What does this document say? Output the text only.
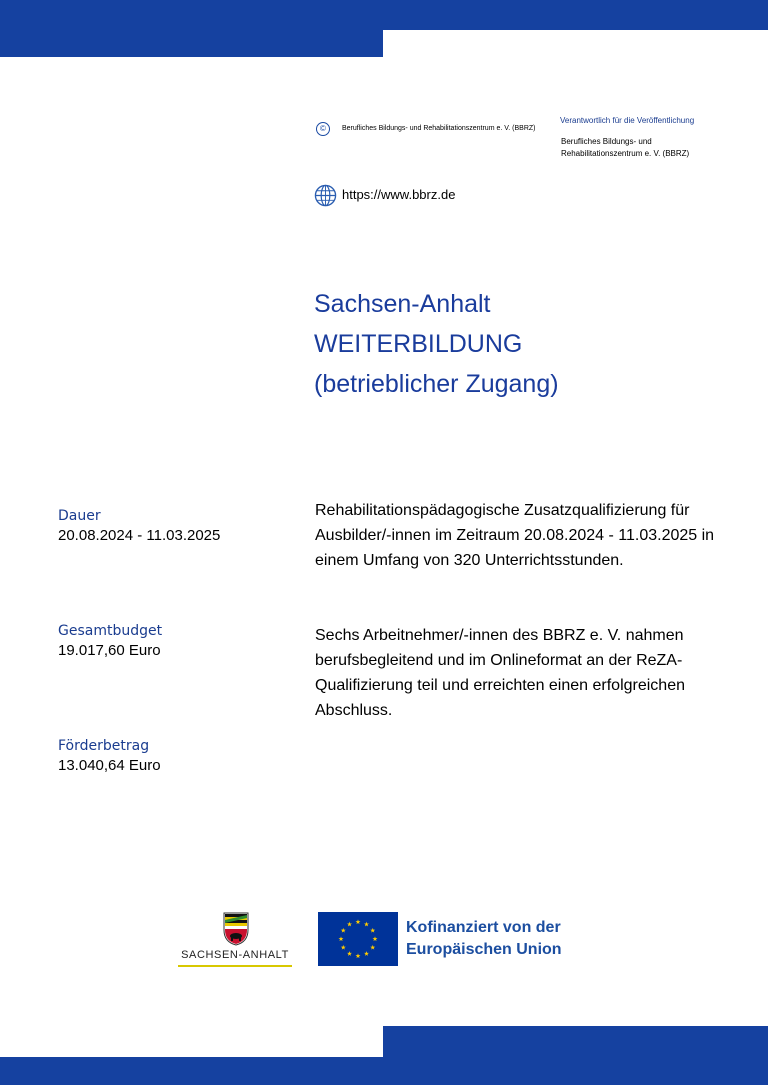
©	Berufliches Bildungs- und Rehabilitationszentrum e. V. (BBRZ)
Verantwortlich für die Veröffentlichung
Berufliches Bildungs- und
Rehabilitationszentrum e. V. (BBRZ)
https://www.bbrz.de
Sachsen-Anhalt
WEITERBILDUNG
(betrieblicher Zugang)
Dauer
20.08.2024 - 11.03.2025
Gesamtbudget
19.017,60 Euro
Förderbetrag
13.040,64 Euro
Rehabilitationspädagogische Zusatzqualifizierung für Ausbilder/-innen im Zeitraum 20.08.2024 - 11.03.2025 in einem Umfang von 320 Unterrichtsstunden.
Sechs Arbeitnehmer/-innen des BBRZ e. V. nahmen berufsbegleitend und im Onlineformat an der ReZA-Qualifizierung teil und erreichten einen erfolgreichen Abschluss.
SACHSEN-ANHALT
Kofinanziert von der
Europäischen Union
